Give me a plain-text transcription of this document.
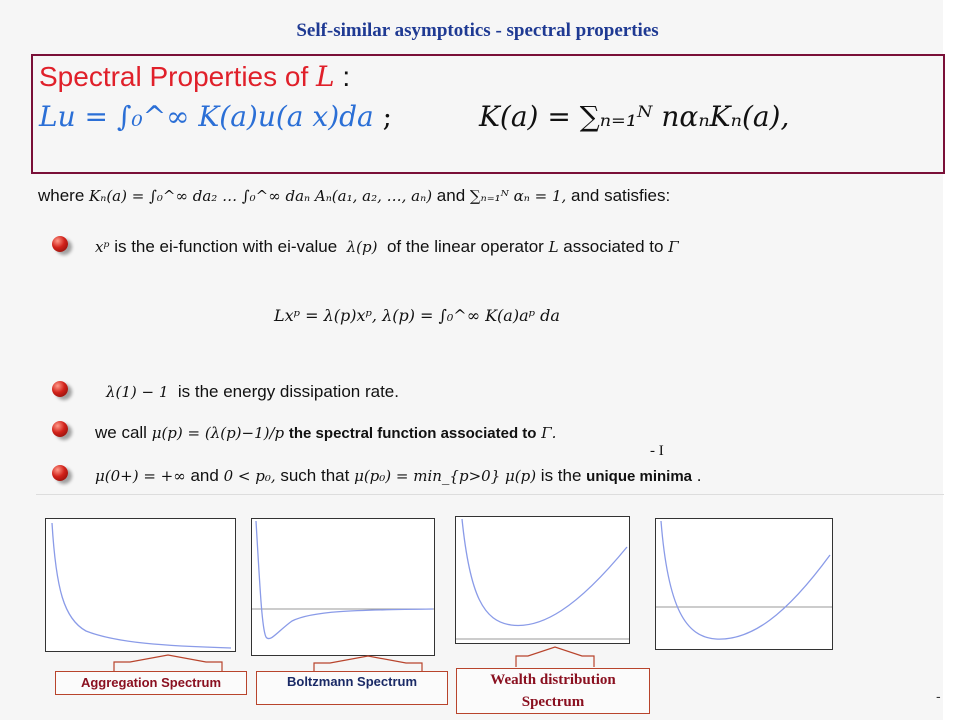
Self-similar asymptotics - spectral properties
Spectral Properties of L :
Lu = ∫₀^∞ K(a)u(a x)da ;	K(a) = ∑ₙ₌₁ᴺ nαₙKₙ(a),
where Kₙ(a) = ∫₀^∞ da₂ … ∫₀^∞ daₙ Aₙ(a₁, a₂, …, aₙ) and ∑ₙ₌₁ᴺ αₙ = 1, and satisfies:
xᵖ is the ei-function with ei-value λ(p) of the linear operator L associated to Γ
Lxᵖ = λ(p)xᵖ, λ(p) = ∫₀^∞ K(a)aᵖ da
λ(1) − 1 is the energy dissipation rate.
we call μ(p) = (λ(p)−1)/p the spectral function associated to Γ.
- I
μ(0+) = +∞ and 0 < p₀, such that μ(p₀) = min_{p>0} μ(p) is the unique minima .
Aggregation Spectrum	Boltzmann Spectrum	Wealth distribution
Spectrum	-
